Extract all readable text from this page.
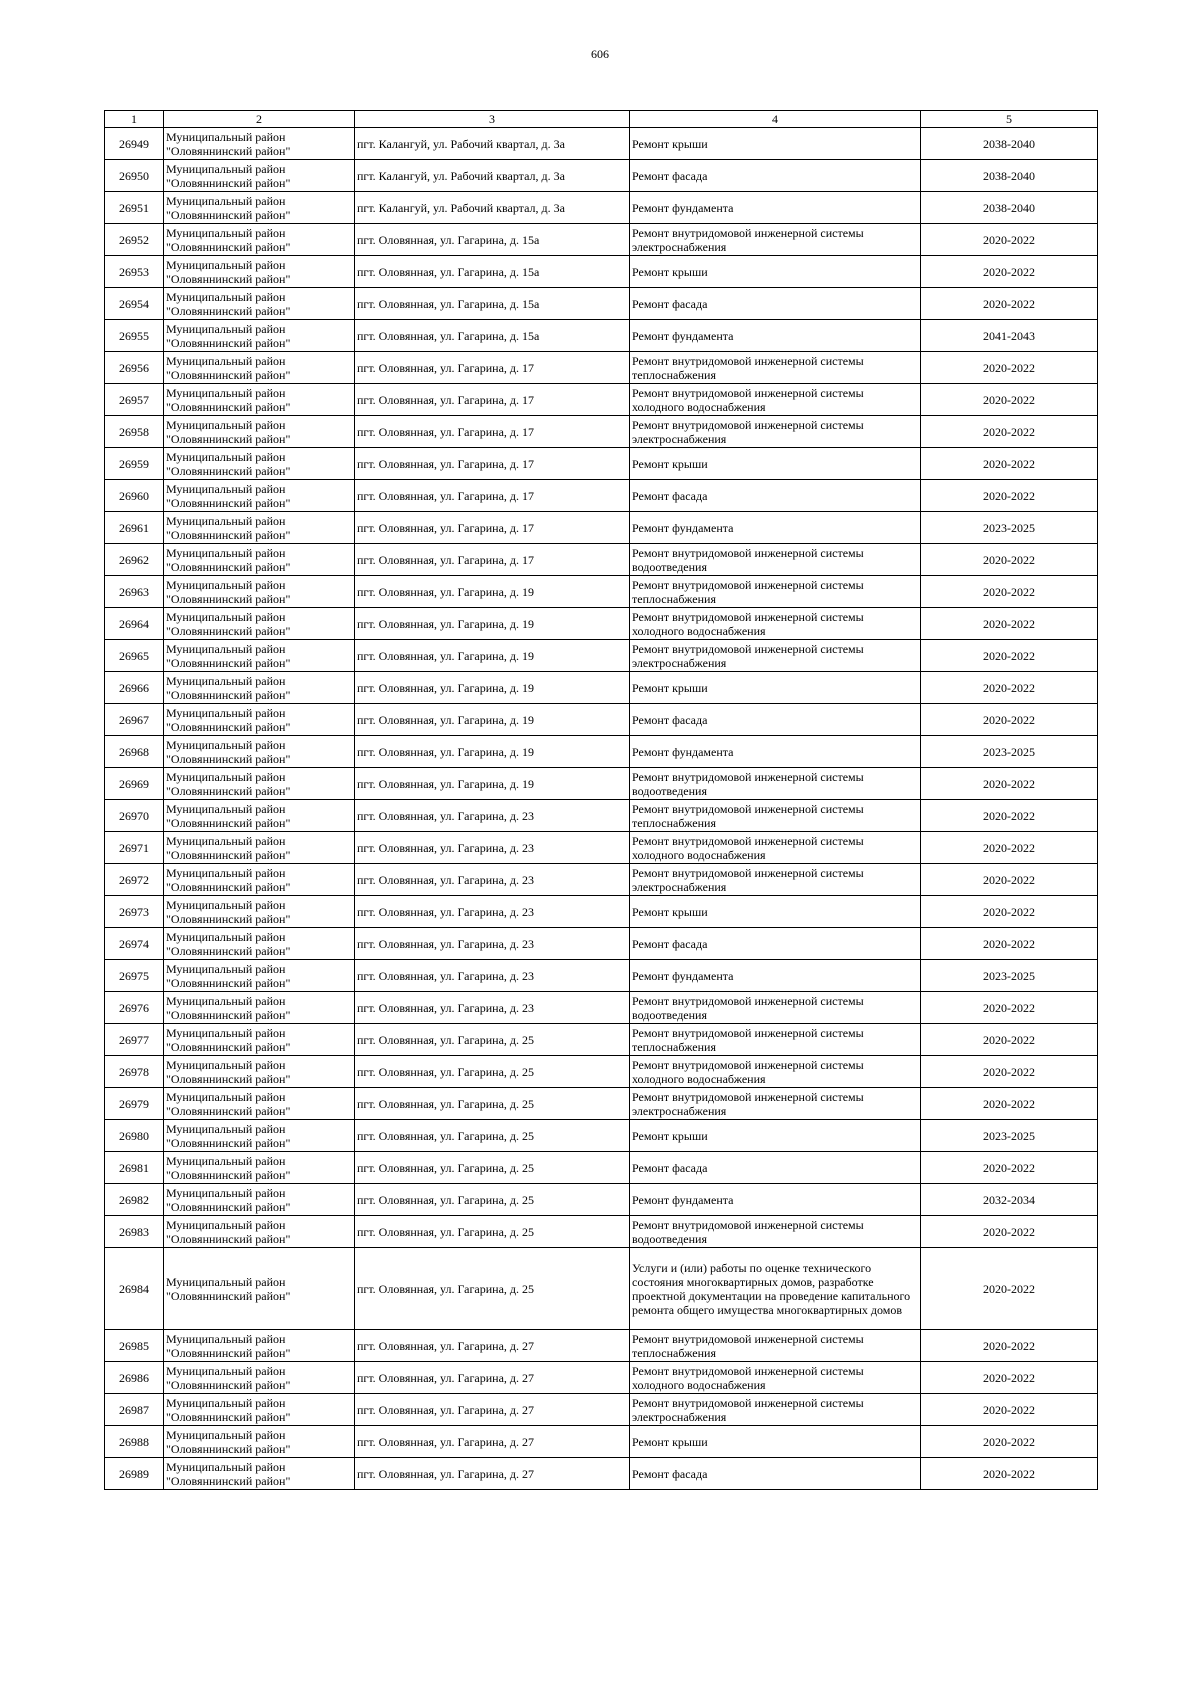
606
1	2	3	4	5
26949	Муниципальный район "Оловяннинский район"	пгт. Калангуй, ул. Рабочий квартал, д. 3а	Ремонт крыши	2038-2040
26950	Муниципальный район "Оловяннинский район"	пгт. Калангуй, ул. Рабочий квартал, д. 3а	Ремонт фасада	2038-2040
26951	Муниципальный район "Оловяннинский район"	пгт. Калангуй, ул. Рабочий квартал, д. 3а	Ремонт фундамента	2038-2040
26952	Муниципальный район "Оловяннинский район"	пгт. Оловянная, ул. Гагарина, д. 15а	Ремонт внутридомовой инженерной системы электроснабжения	2020-2022
26953	Муниципальный район "Оловяннинский район"	пгт. Оловянная, ул. Гагарина, д. 15а	Ремонт крыши	2020-2022
26954	Муниципальный район "Оловяннинский район"	пгт. Оловянная, ул. Гагарина, д. 15а	Ремонт фасада	2020-2022
26955	Муниципальный район "Оловяннинский район"	пгт. Оловянная, ул. Гагарина, д. 15а	Ремонт фундамента	2041-2043
26956	Муниципальный район "Оловяннинский район"	пгт. Оловянная, ул. Гагарина, д. 17	Ремонт внутридомовой инженерной системы теплоснабжения	2020-2022
26957	Муниципальный район "Оловяннинский район"	пгт. Оловянная, ул. Гагарина, д. 17	Ремонт внутридомовой инженерной системы холодного водоснабжения	2020-2022
26958	Муниципальный район "Оловяннинский район"	пгт. Оловянная, ул. Гагарина, д. 17	Ремонт внутридомовой инженерной системы электроснабжения	2020-2022
26959	Муниципальный район "Оловяннинский район"	пгт. Оловянная, ул. Гагарина, д. 17	Ремонт крыши	2020-2022
26960	Муниципальный район "Оловяннинский район"	пгт. Оловянная, ул. Гагарина, д. 17	Ремонт фасада	2020-2022
26961	Муниципальный район "Оловяннинский район"	пгт. Оловянная, ул. Гагарина, д. 17	Ремонт фундамента	2023-2025
26962	Муниципальный район "Оловяннинский район"	пгт. Оловянная, ул. Гагарина, д. 17	Ремонт внутридомовой инженерной системы водоотведения	2020-2022
26963	Муниципальный район "Оловяннинский район"	пгт. Оловянная, ул. Гагарина, д. 19	Ремонт внутридомовой инженерной системы теплоснабжения	2020-2022
26964	Муниципальный район "Оловяннинский район"	пгт. Оловянная, ул. Гагарина, д. 19	Ремонт внутридомовой инженерной системы холодного водоснабжения	2020-2022
26965	Муниципальный район "Оловяннинский район"	пгт. Оловянная, ул. Гагарина, д. 19	Ремонт внутридомовой инженерной системы электроснабжения	2020-2022
26966	Муниципальный район "Оловяннинский район"	пгт. Оловянная, ул. Гагарина, д. 19	Ремонт крыши	2020-2022
26967	Муниципальный район "Оловяннинский район"	пгт. Оловянная, ул. Гагарина, д. 19	Ремонт фасада	2020-2022
26968	Муниципальный район "Оловяннинский район"	пгт. Оловянная, ул. Гагарина, д. 19	Ремонт фундамента	2023-2025
26969	Муниципальный район "Оловяннинский район"	пгт. Оловянная, ул. Гагарина, д. 19	Ремонт внутридомовой инженерной системы водоотведения	2020-2022
26970	Муниципальный район "Оловяннинский район"	пгт. Оловянная, ул. Гагарина, д. 23	Ремонт внутридомовой инженерной системы теплоснабжения	2020-2022
26971	Муниципальный район "Оловяннинский район"	пгт. Оловянная, ул. Гагарина, д. 23	Ремонт внутридомовой инженерной системы холодного водоснабжения	2020-2022
26972	Муниципальный район "Оловяннинский район"	пгт. Оловянная, ул. Гагарина, д. 23	Ремонт внутридомовой инженерной системы электроснабжения	2020-2022
26973	Муниципальный район "Оловяннинский район"	пгт. Оловянная, ул. Гагарина, д. 23	Ремонт крыши	2020-2022
26974	Муниципальный район "Оловяннинский район"	пгт. Оловянная, ул. Гагарина, д. 23	Ремонт фасада	2020-2022
26975	Муниципальный район "Оловяннинский район"	пгт. Оловянная, ул. Гагарина, д. 23	Ремонт фундамента	2023-2025
26976	Муниципальный район "Оловяннинский район"	пгт. Оловянная, ул. Гагарина, д. 23	Ремонт внутридомовой инженерной системы водоотведения	2020-2022
26977	Муниципальный район "Оловяннинский район"	пгт. Оловянная, ул. Гагарина, д. 25	Ремонт внутридомовой инженерной системы теплоснабжения	2020-2022
26978	Муниципальный район "Оловяннинский район"	пгт. Оловянная, ул. Гагарина, д. 25	Ремонт внутридомовой инженерной системы холодного водоснабжения	2020-2022
26979	Муниципальный район "Оловяннинский район"	пгт. Оловянная, ул. Гагарина, д. 25	Ремонт внутридомовой инженерной системы электроснабжения	2020-2022
26980	Муниципальный район "Оловяннинский район"	пгт. Оловянная, ул. Гагарина, д. 25	Ремонт крыши	2023-2025
26981	Муниципальный район "Оловяннинский район"	пгт. Оловянная, ул. Гагарина, д. 25	Ремонт фасада	2020-2022
26982	Муниципальный район "Оловяннинский район"	пгт. Оловянная, ул. Гагарина, д. 25	Ремонт фундамента	2032-2034
26983	Муниципальный район "Оловяннинский район"	пгт. Оловянная, ул. Гагарина, д. 25	Ремонт внутридомовой инженерной системы водоотведения	2020-2022
26984	Муниципальный район "Оловяннинский район"	пгт. Оловянная, ул. Гагарина, д. 25	Услуги и (или) работы по оценке технического состояния многоквартирных домов, разработке проектной документации на проведение капитального ремонта общего имущества многоквартирных домов	2020-2022
26985	Муниципальный район "Оловяннинский район"	пгт. Оловянная, ул. Гагарина, д. 27	Ремонт внутридомовой инженерной системы теплоснабжения	2020-2022
26986	Муниципальный район "Оловяннинский район"	пгт. Оловянная, ул. Гагарина, д. 27	Ремонт внутридомовой инженерной системы холодного водоснабжения	2020-2022
26987	Муниципальный район "Оловяннинский район"	пгт. Оловянная, ул. Гагарина, д. 27	Ремонт внутридомовой инженерной системы электроснабжения	2020-2022
26988	Муниципальный район "Оловяннинский район"	пгт. Оловянная, ул. Гагарина, д. 27	Ремонт крыши	2020-2022
26989	Муниципальный район "Оловяннинский район"	пгт. Оловянная, ул. Гагарина, д. 27	Ремонт фасада	2020-2022
